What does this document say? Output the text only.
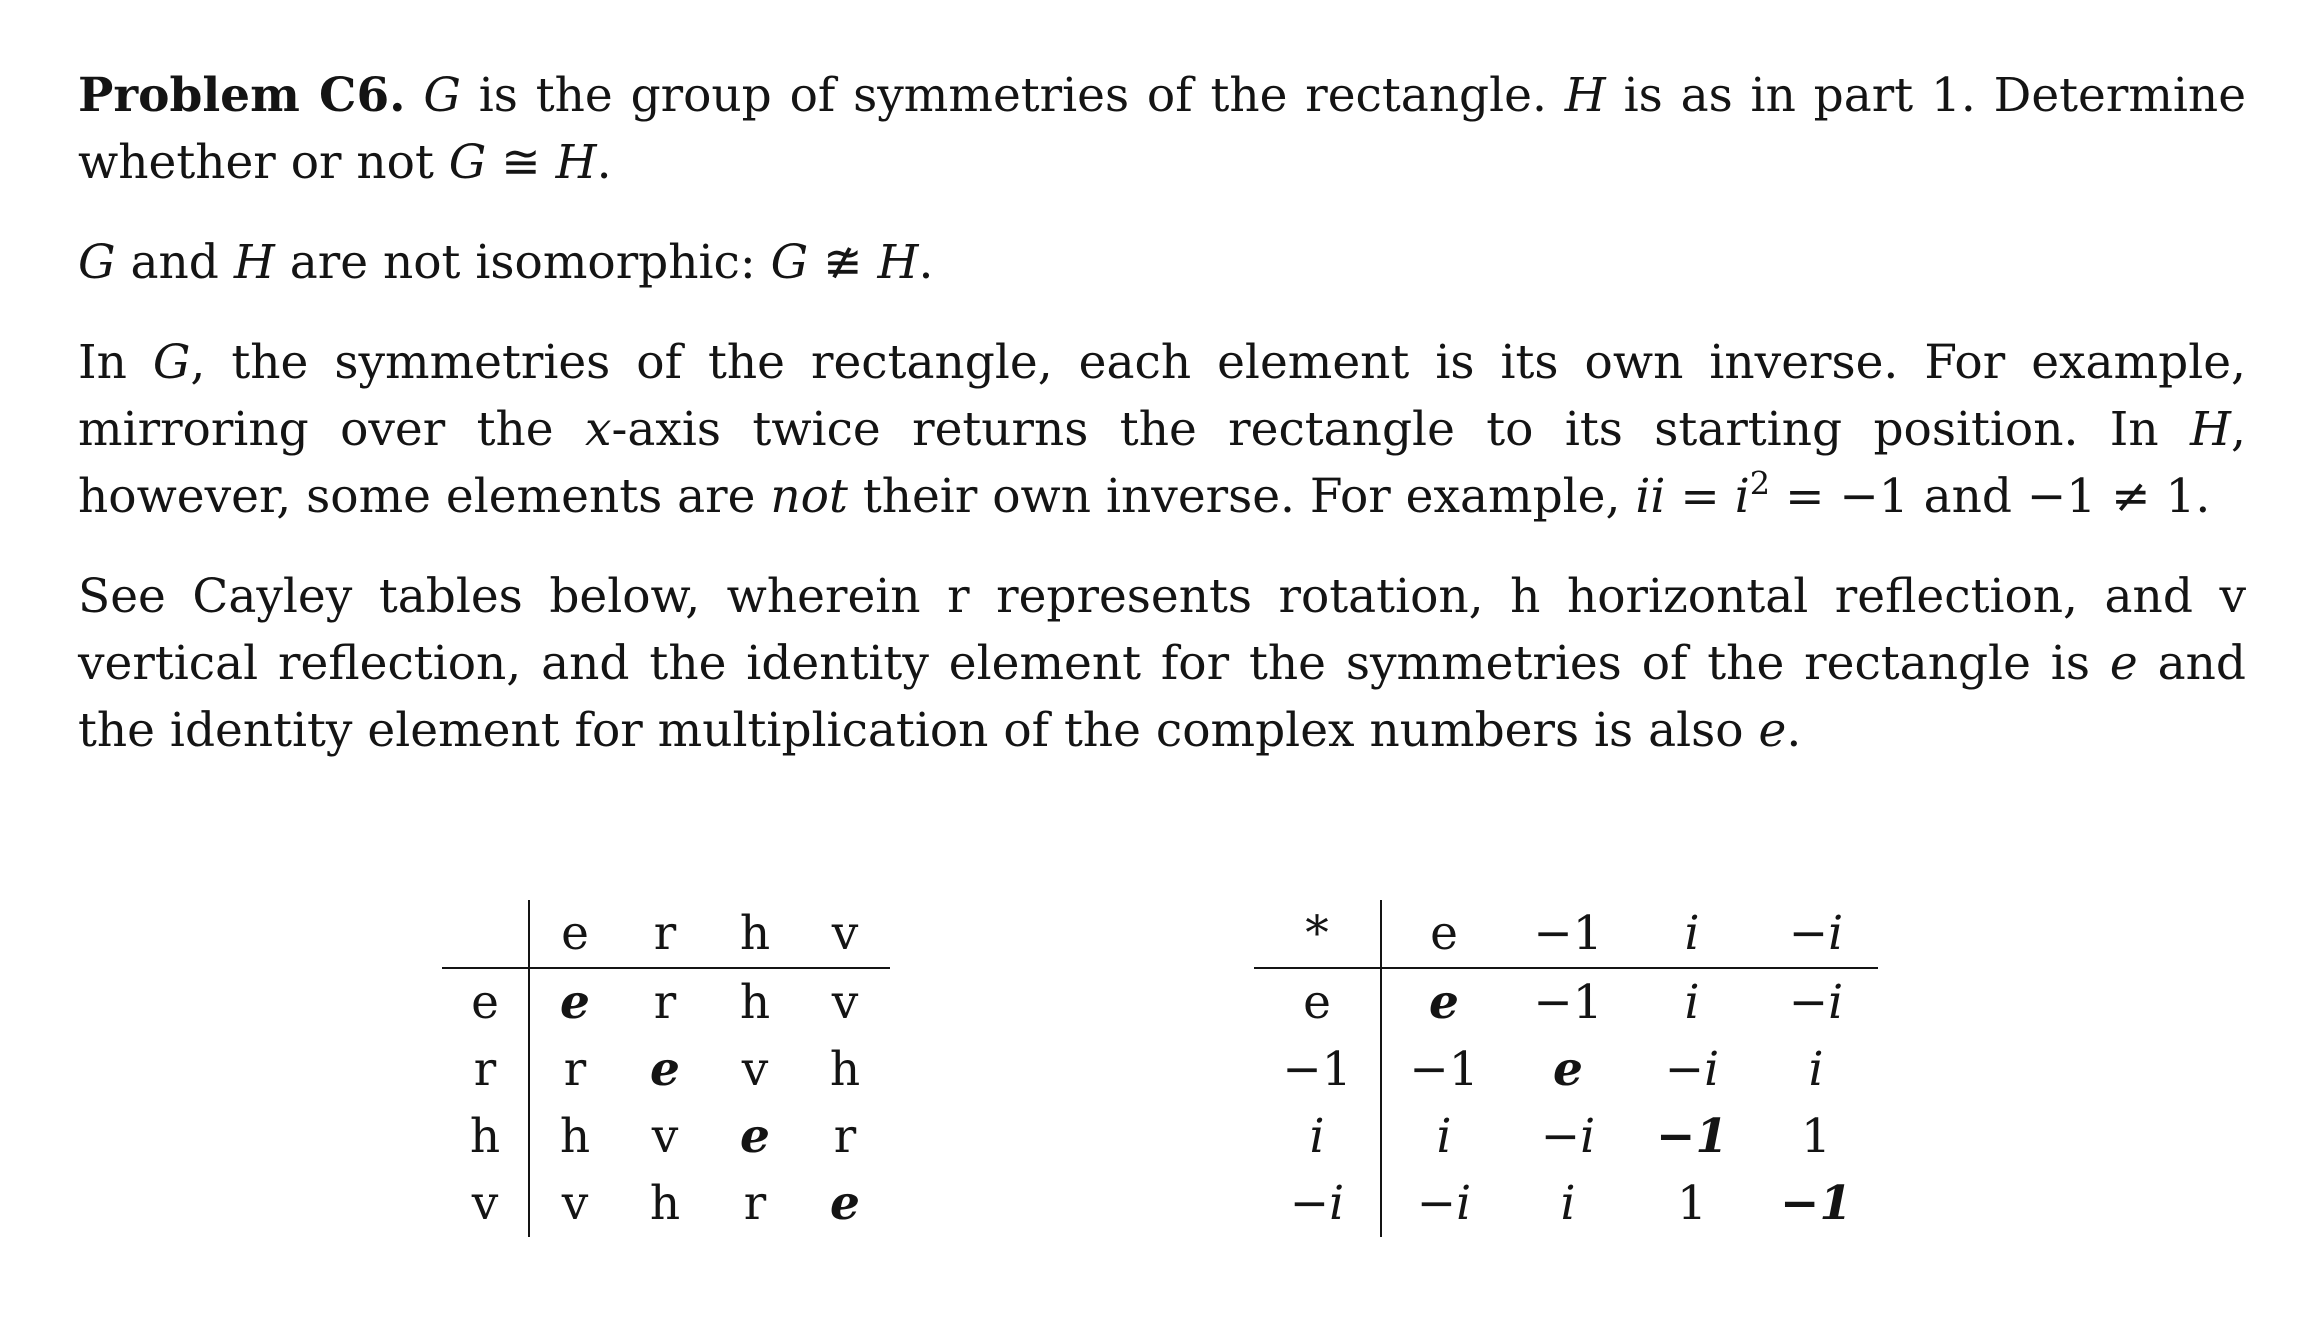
Problem C6. G is the group of symmetries of the rectangle. H is as in part 1. Determine whether or not G ≅ H.

G and H are not isomorphic: G ≇ H.

In G, the symmetries of the rectangle, each element is its own inverse. For example, mirroring over the x-axis twice returns the rectangle to its starting position. In H, however, some elements are not their own inverse. For example, ii = $i^2 = -1$ and −1 ≠ 1.

See Cayley tables below, wherein r represents rotation, h horizontal reflection, and v vertical reflection, and the identity element for the symmetries of the rectangle is e and the identity element for multiplication of the complex numbers is also e.

	e	r	h	v
e	e	r	h	v
r	r	e	v	h
h	h	v	e	r
v	v	h	r	e
*	e	−1	i	−i
e	e	−1	i	−i
−1	−1	e	−i	i
i	i	−i	−1	1
−i	−i	i	1	−1
